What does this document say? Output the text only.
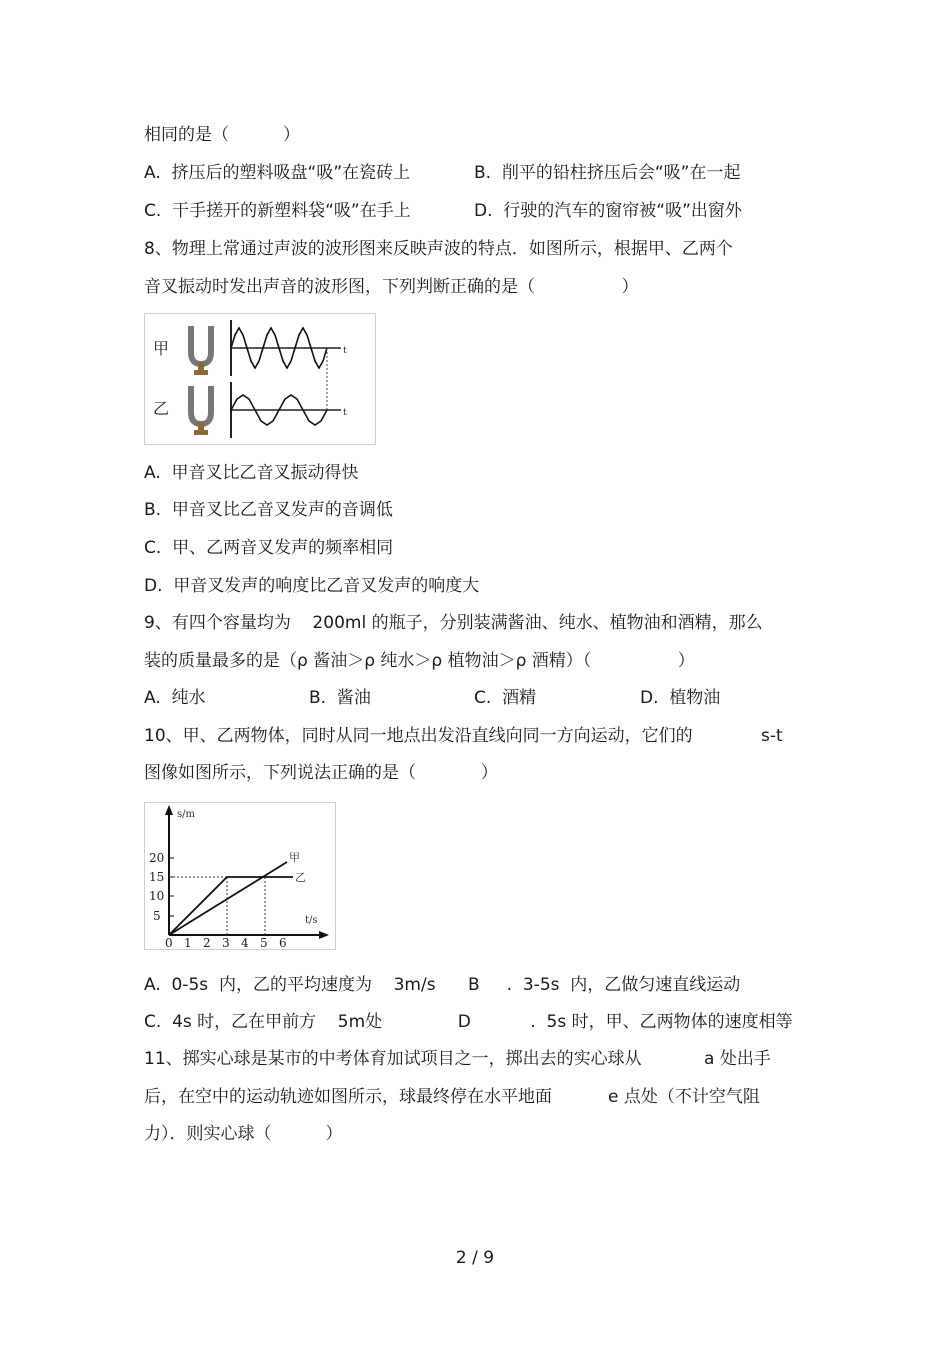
相同的是（          ）
A.  挤压后的塑料吸盘“吸”在瓷砖上	B.  削平的铅柱挤压后会“吸”在一起
C.  干手搓开的新塑料袋“吸”在手上	D.  行驶的汽车的窗帘被“吸”出窗外
8、物理上常通过声波的波形图来反映声波的特点．如图所示，根据甲、乙两个
音叉振动时发出声音的波形图，下列判断正确的是（                ）
甲	t
乙	t
A.  甲音叉比乙音叉振动得快
B.  甲音叉比乙音叉发声的音调低
C.  甲、乙两音叉发声的频率相同
D.  甲音叉发声的响度比乙音叉发声的响度大
9、有四个容量均为    200ml 的瓶子，分别装满酱油、纯水、植物油和酒精，那么
装的质量最多的是（ρ 酱油＞ρ 纯水＞ρ 植物油＞ρ 酒精）（                ）
A.  纯水	B.  酱油	C.  酒精	D.  植物油
10、甲、乙两物体，同时从同一地点出发沿直线向同一方向运动，它们的	s-t
图像如图所示，下列说法正确的是（            ）
s/m
t/s
20
15
10
5
0 1 2 3 4 5 6
乙
甲
A.  0-5s  内，乙的平均速度为    3m/s      B     .  3-5s  内，乙做匀速直线运动
C.  4s 时，乙在甲前方    5m处              D           .  5s 时，甲、乙两物体的速度相等
11、掷实心球是某市的中考体育加试项目之一，掷出去的实心球从	a 处出手
后，在空中的运动轨迹如图所示，球最终停在水平地面	e 点处（不计空气阻
力）．则实心球（          ）
2 / 9
